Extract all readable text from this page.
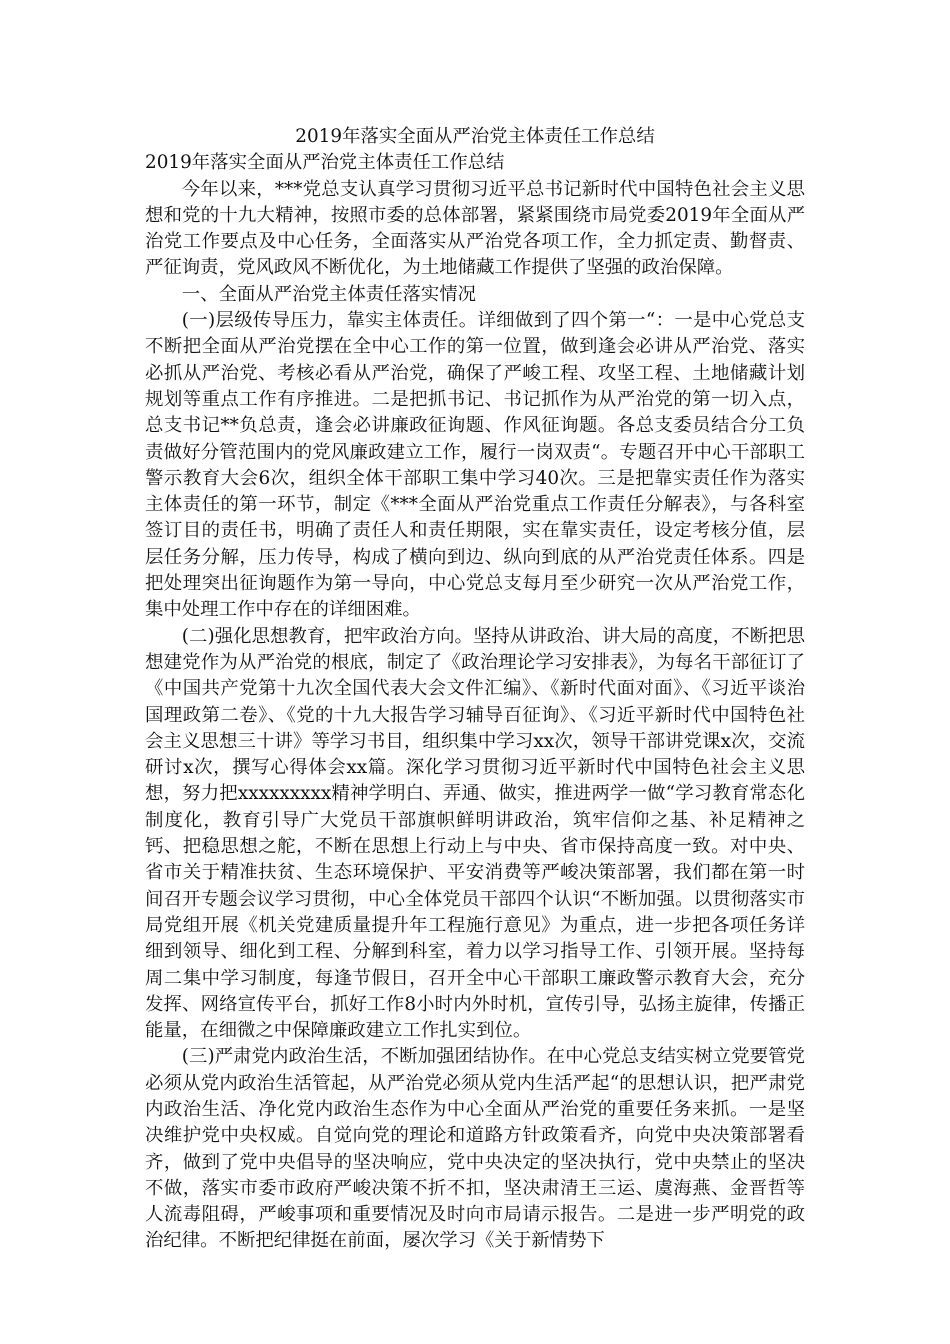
2019年落实全面从严治党主体责任工作总结

2019年落实全面从严治党主体责任工作总结

今年以来，***党总支认真学习贯彻习近平总书记新时代中国特色社会主义思想和党的十九大精神，按照市委的总体部署，紧紧围绕市局党委2019年全面从严治党工作要点及中心任务，全面落实从严治党各项工作，全力抓定责、勤督责、严征询责，党风政风不断优化，为土地储藏工作提供了坚强的政治保障。

一、全面从严治党主体责任落实情况

(一)层级传导压力，靠实主体责任。详细做到了四个第一“：一是中心党总支不断把全面从严治党摆在全中心工作的第一位置，做到逢会必讲从严治党、落实必抓从严治党、考核必看从严治党，确保了严峻工程、攻坚工程、土地储藏计划规划等重点工作有序推进。二是把抓书记、书记抓作为从严治党的第一切入点，总支书记**负总责，逢会必讲廉政征询题、作风征询题。各总支委员结合分工负责做好分管范围内的党风廉政建立工作，履行一岗双责“。专题召开中心干部职工警示教育大会6次，组织全体干部职工集中学习40次。三是把靠实责任作为落实主体责任的第一环节，制定《***全面从严治党重点工作责任分解表》，与各科室签订目的责任书，明确了责任人和责任期限，实在靠实责任，设定考核分值，层层任务分解，压力传导，构成了横向到边、纵向到底的从严治党责任体系。四是把处理突出征询题作为第一导向，中心党总支每月至少研究一次从严治党工作，集中处理工作中存在的详细困难。

(二)强化思想教育，把牢政治方向。坚持从讲政治、讲大局的高度，不断把思想建党作为从严治党的根底，制定了《政治理论学习安排表》，为每名干部征订了《中国共产党第十九次全国代表大会文件汇编》、《新时代面对面》、《习近平谈治国理政第二卷》、《党的十九大报告学习辅导百征询》、《习近平新时代中国特色社会主义思想三十讲》等学习书目，组织集中学习xx次，领导干部讲党课x次，交流研讨x次，撰写心得体会xx篇。深化学习贯彻习近平新时代中国特色社会主义思想，努力把xxxxxxxxx精神学明白、弄通、做实，推进两学一做“学习教育常态化制度化，教育引导广大党员干部旗帜鲜明讲政治，筑牢信仰之基、补足精神之钙、把稳思想之舵，不断在思想上行动上与中央、省市保持高度一致。对中央、省市关于精准扶贫、生态环境保护、平安消费等严峻决策部署，我们都在第一时间召开专题会议学习贯彻，中心全体党员干部四个认识“不断加强。以贯彻落实市局党组开展《机关党建质量提升年工程施行意见》为重点，进一步把各项任务详细到领导、细化到工程、分解到科室，着力以学习指导工作、引领开展。坚持每周二集中学习制度，每逢节假日，召开全中心干部职工廉政警示教育大会，充分发挥、网络宣传平台，抓好工作8小时内外时机，宣传引导，弘扬主旋律，传播正能量，在细微之中保障廉政建立工作扎实到位。

(三)严肃党内政治生活，不断加强团结协作。在中心党总支结实树立党要管党必须从党内政治生活管起，从严治党必须从党内生活严起“的思想认识，把严肃党内政治生活、净化党内政治生态作为中心全面从严治党的重要任务来抓。一是坚决维护党中央权威。自觉向党的理论和道路方针政策看齐，向党中央决策部署看齐，做到了党中央倡导的坚决响应，党中央决定的坚决执行，党中央禁止的坚决不做，落实市委市政府严峻决策不折不扣，坚决肃清王三运、虞海燕、金晋哲等人流毒阻碍，严峻事项和重要情况及时向市局请示报告。二是进一步严明党的政治纪律。不断把纪律挺在前面，屡次学习《关于新情势下
